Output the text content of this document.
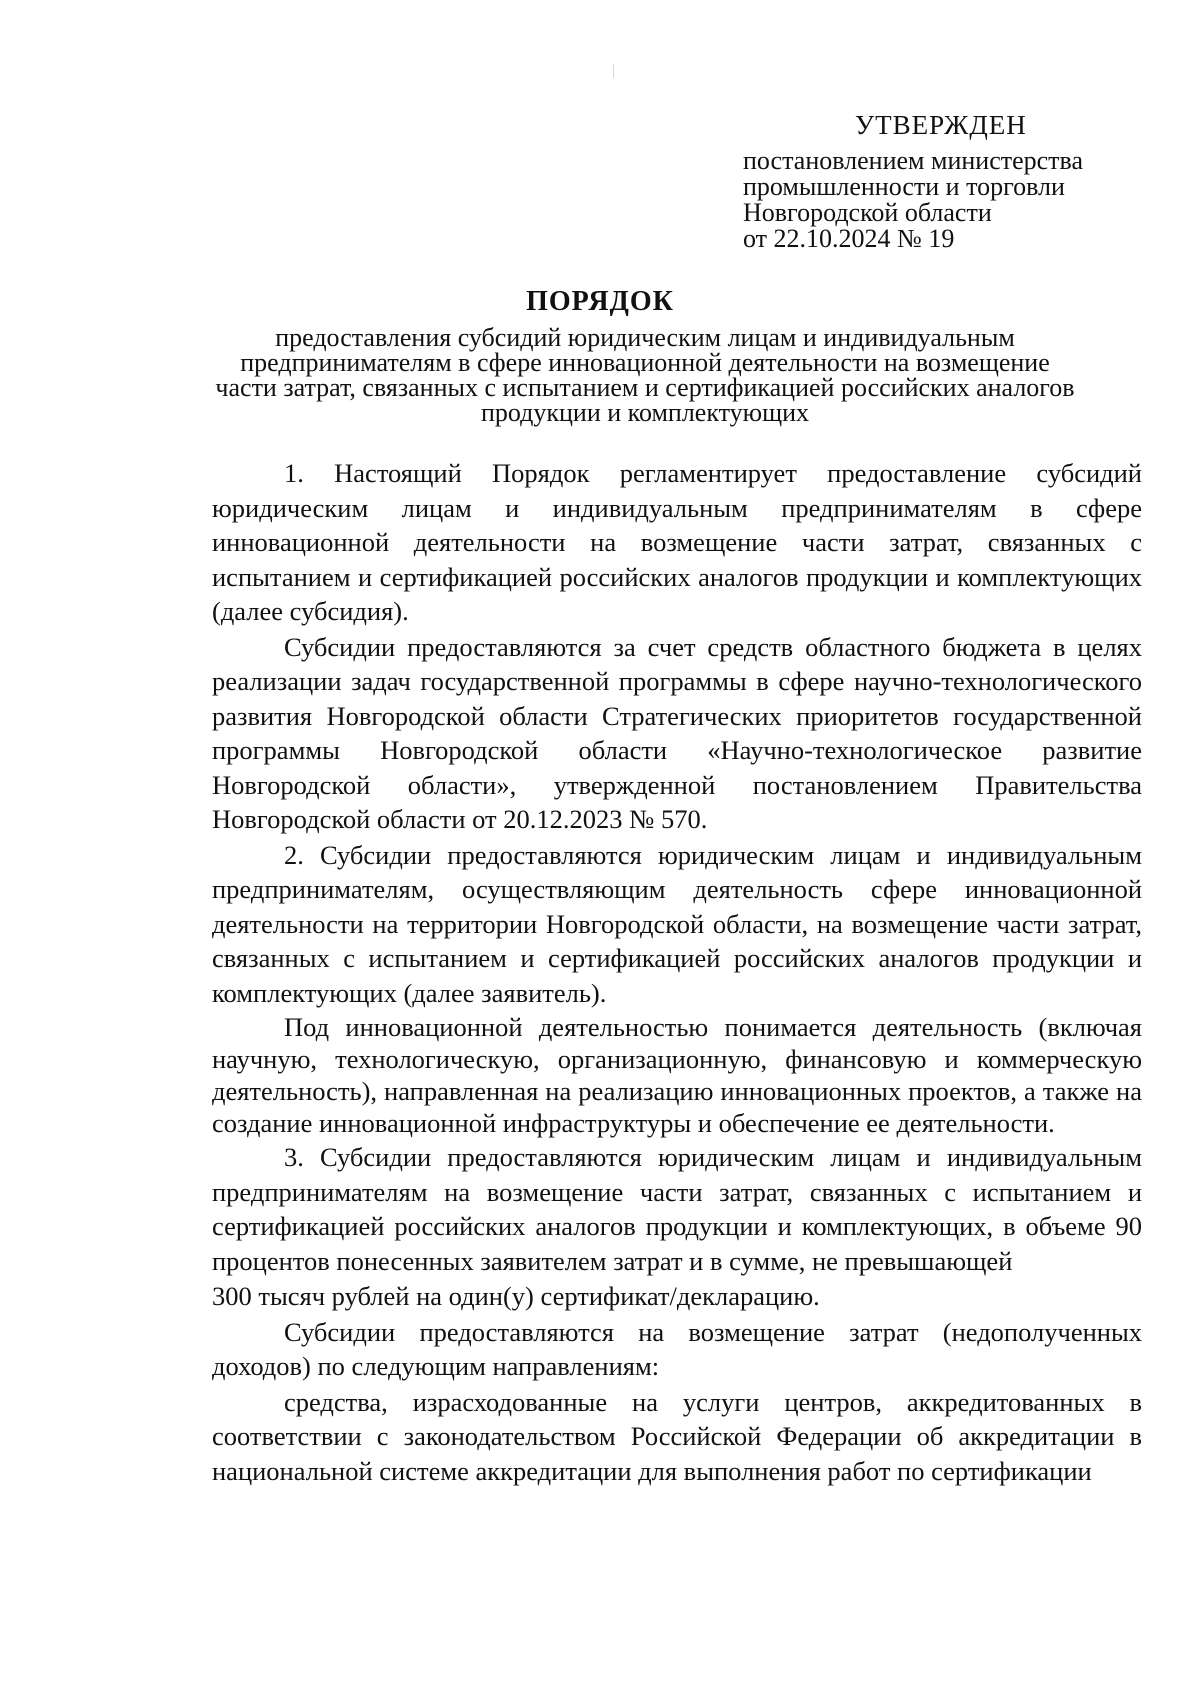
УТВЕРЖДЕН
постановлением министерства
промышленности и торговли
Новгородской области
от 22.10.2024 № 19
ПОРЯДОК
предоставления субсидий юридическим лицам и индивидуальным
предпринимателям в сфере инновационной деятельности на возмещение
части затрат, связанных с испытанием и сертификацией российских аналогов
продукции и комплектующих

1. Настоящий Порядок регламентирует предоставление субсидий юридическим лицам и индивидуальным предпринимателям в сфере инновационной деятельности на возмещение части затрат, связанных с испытанием и сертификацией российских аналогов продукции и комплектующих (далее субсидия).

Субсидии предоставляются за счет средств областного бюджета в целях реализации задач государственной программы в сфере научно-технологического развития Новгородской области Стратегических приоритетов государственной программы Новгородской области «Научно-технологическое развитие Новгородской области», утвержденной постановлением Правительства Новгородской области от 20.12.2023 № 570.

2. Субсидии предоставляются юридическим лицам и индивидуальным предпринимателям, осуществляющим деятельность сфере инновационной деятельности на территории Новгородской области, на возмещение части затрат, связанных с испытанием и сертификацией российских аналогов продукции и комплектующих (далее заявитель).

Под инновационной деятельностью понимается деятельность (включая научную, технологическую, организационную, финансовую и коммерческую деятельность), направленная на реализацию инновационных проектов, а также на создание инновационной инфраструктуры и обеспечение ее деятельности.

3. Субсидии предоставляются юридическим лицам и индивидуальным предпринимателям на возмещение части затрат, связанных с испытанием и сертификацией российских аналогов продукции и комплектующих, в объеме 90 процентов понесенных заявителем затрат и в сумме, не превышающей

300 тысяч рублей на один(у) сертификат/декларацию.

Субсидии предоставляются на возмещение затрат (недополученных доходов) по следующим направлениям:

средства, израсходованные на услуги центров, аккредитованных в соответствии с законодательством Российской Федерации об аккредитации в национальной системе аккредитации для выполнения работ по сертификации
